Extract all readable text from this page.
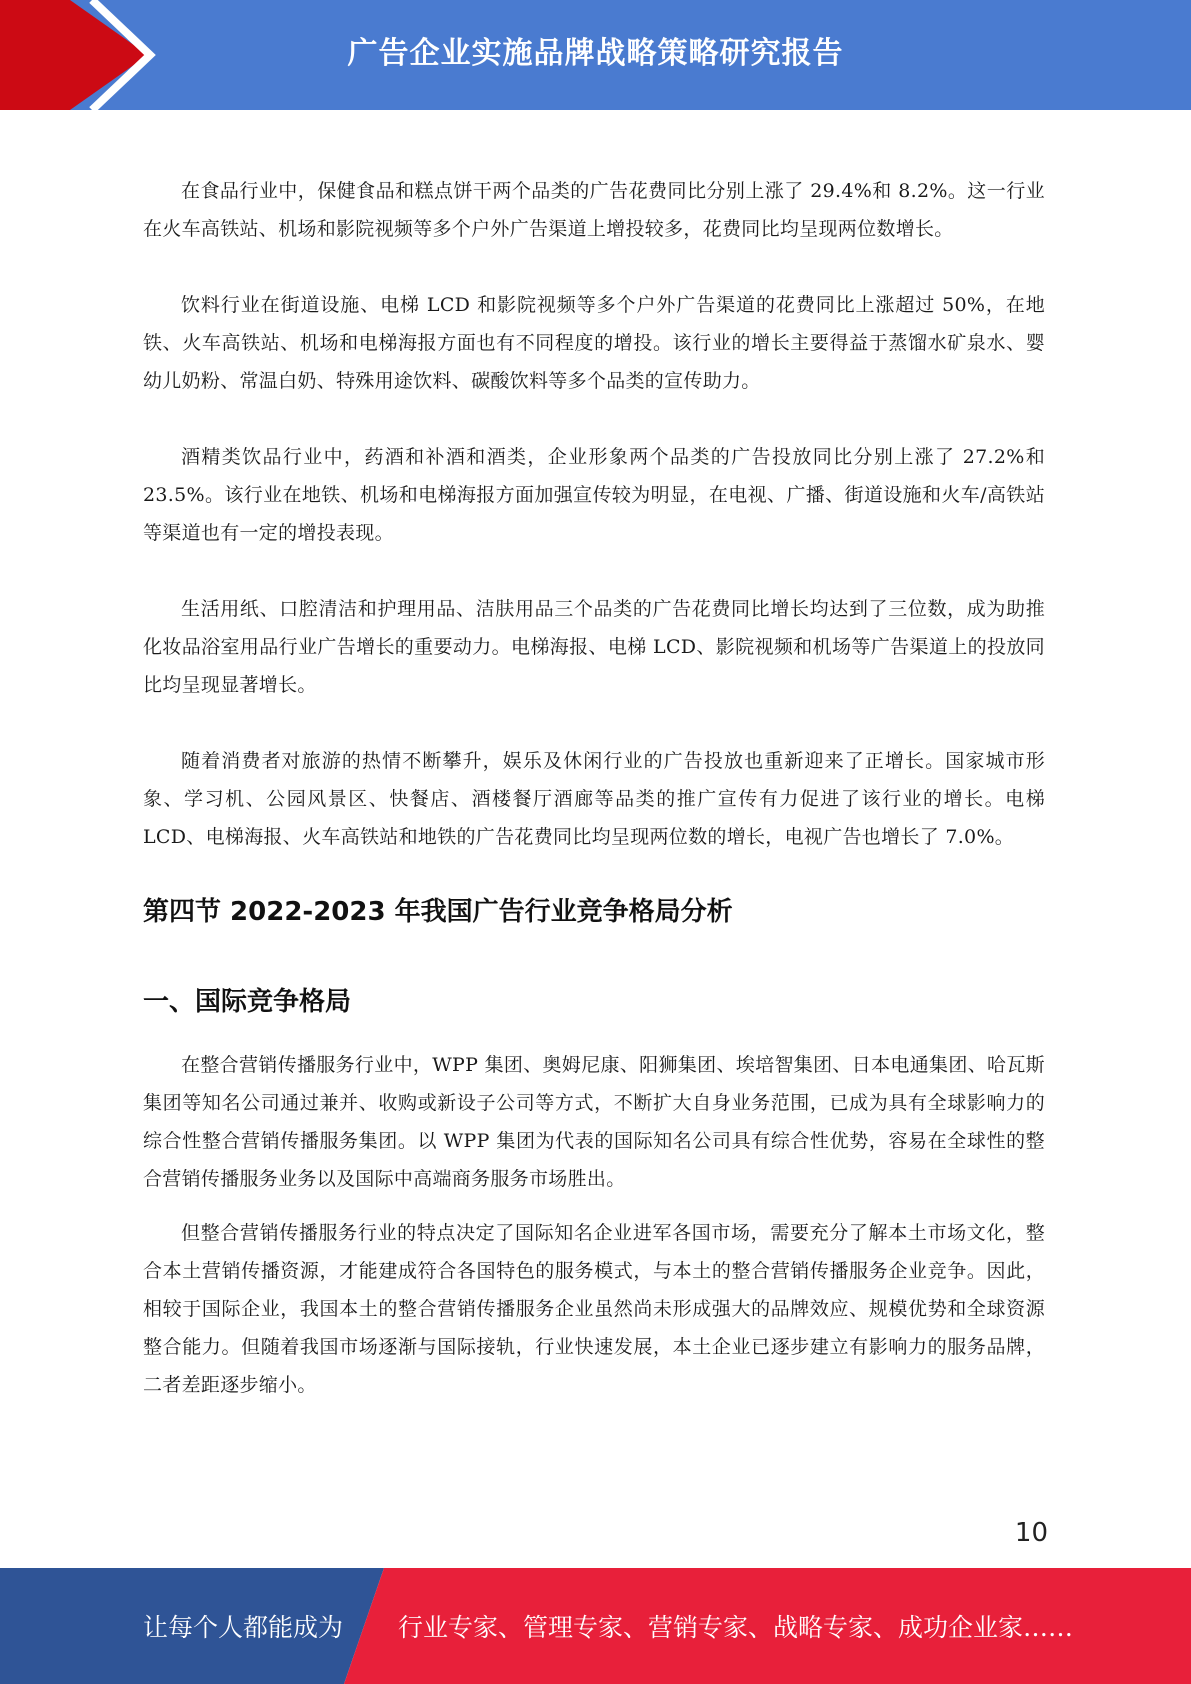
广告企业实施品牌战略策略研究报告

在食品行业中，保健食品和糕点饼干两个品类的广告花费同比分别上涨了 29.4%和 8.2%。这一行业在火车高铁站、机场和影院视频等多个户外广告渠道上增投较多，花费同比均呈现两位数增长。

饮料行业在街道设施、电梯 LCD 和影院视频等多个户外广告渠道的花费同比上涨超过 50%，在地铁、火车高铁站、机场和电梯海报方面也有不同程度的增投。该行业的增长主要得益于蒸馏水矿泉水、婴幼儿奶粉、常温白奶、特殊用途饮料、碳酸饮料等多个品类的宣传助力。

酒精类饮品行业中，药酒和补酒和酒类，企业形象两个品类的广告投放同比分别上涨了 27.2%和 23.5%。该行业在地铁、机场和电梯海报方面加强宣传较为明显，在电视、广播、街道设施和火车/高铁站等渠道也有一定的增投表现。

生活用纸、口腔清洁和护理用品、洁肤用品三个品类的广告花费同比增长均达到了三位数，成为助推化妆品浴室用品行业广告增长的重要动力。电梯海报、电梯 LCD、影院视频和机场等广告渠道上的投放同比均呈现显著增长。

随着消费者对旅游的热情不断攀升，娱乐及休闲行业的广告投放也重新迎来了正增长。国家城市形象、学习机、公园风景区、快餐店、酒楼餐厅酒廊等品类的推广宣传有力促进了该行业的增长。电梯 LCD、电梯海报、火车高铁站和地铁的广告花费同比均呈现两位数的增长，电视广告也增长了 7.0%。

第四节 2022-2023 年我国广告行业竞争格局分析
一、国际竞争格局

在整合营销传播服务行业中，WPP 集团、奥姆尼康、阳狮集团、埃培智集团、日本电通集团、哈瓦斯集团等知名公司通过兼并、收购或新设子公司等方式，不断扩大自身业务范围，已成为具有全球影响力的综合性整合营销传播服务集团。以 WPP 集团为代表的国际知名公司具有综合性优势，容易在全球性的整合营销传播服务业务以及国际中高端商务服务市场胜出。

但整合营销传播服务行业的特点决定了国际知名企业进军各国市场，需要充分了解本土市场文化，整合本土营销传播资源，才能建成符合各国特色的服务模式，与本土的整合营销传播服务企业竞争。因此，相较于国际企业，我国本土的整合营销传播服务企业虽然尚未形成强大的品牌效应、规模优势和全球资源整合能力。但随着我国市场逐渐与国际接轨，行业快速发展，本土企业已逐步建立有影响力的服务品牌，二者差距逐步缩小。

10
让每个人都能成为 行业专家、管理专家、营销专家、战略专家、成功企业家……
